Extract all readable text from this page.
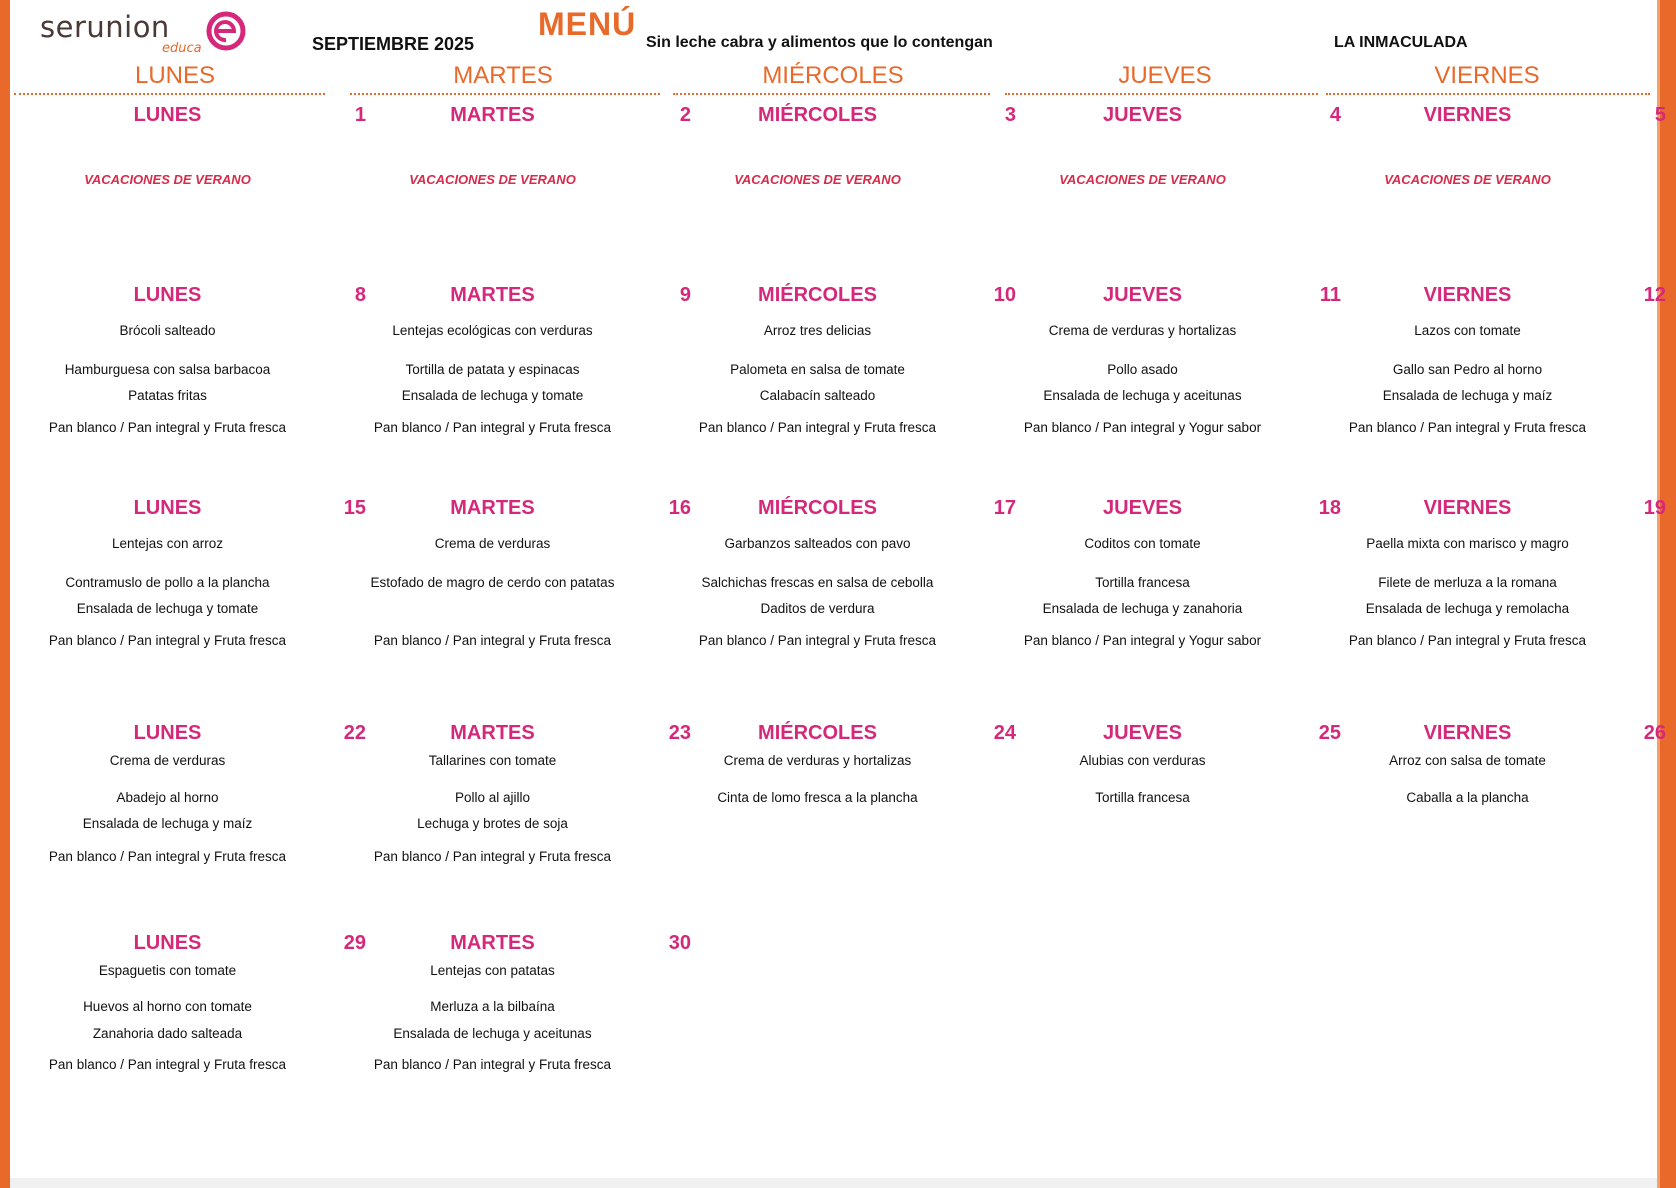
serunion
educa	SEPTIEMBRE 2025
MENÚ
Sin leche cabra y alimentos que lo contengan	LA INMACULADA
LUNES	MARTES	MIÉRCOLES	JUEVES	VIERNES
LUNES	1
VACACIONES DE VERANO
MARTES	2
VACACIONES DE VERANO
MIÉRCOLES	3
VACACIONES DE VERANO
JUEVES	4
VACACIONES DE VERANO
VIERNES	5
VACACIONES DE VERANO
LUNES	8
Brócoli salteado
Hamburguesa con salsa barbacoa
Patatas fritas
Pan blanco / Pan integral y Fruta fresca
MARTES	9
Lentejas ecológicas con verduras
Tortilla de patata y espinacas
Ensalada de lechuga y tomate
Pan blanco / Pan integral y Fruta fresca
MIÉRCOLES	10
Arroz tres delicias
Palometa en salsa de tomate
Calabacín salteado
Pan blanco / Pan integral y Fruta fresca
JUEVES	11
Crema de verduras y hortalizas
Pollo asado
Ensalada de lechuga y aceitunas
Pan blanco / Pan integral y Yogur sabor
VIERNES	12
Lazos con tomate
Gallo san Pedro al horno
Ensalada de lechuga y maíz
Pan blanco / Pan integral y Fruta fresca
LUNES	15
Lentejas con arroz
Contramuslo de pollo a la plancha
Ensalada de lechuga y tomate
Pan blanco / Pan integral y Fruta fresca
MARTES	16
Crema de verduras
Estofado de magro de cerdo con patatas
Pan blanco / Pan integral y Fruta fresca
MIÉRCOLES	17
Garbanzos salteados con pavo
Salchichas frescas en salsa de cebolla
Daditos de verdura
Pan blanco / Pan integral y Fruta fresca
JUEVES	18
Coditos con tomate
Tortilla francesa
Ensalada de lechuga y zanahoria
Pan blanco / Pan integral y Yogur sabor
VIERNES	19
Paella mixta con marisco y magro
Filete de merluza a la romana
Ensalada de lechuga y remolacha
Pan blanco / Pan integral y Fruta fresca
LUNES	22
Crema de verduras
Abadejo al horno
Ensalada de lechuga y maíz
Pan blanco / Pan integral y Fruta fresca
MARTES	23
Tallarines con tomate
Pollo al ajillo
Lechuga y brotes de soja
Pan blanco / Pan integral y Fruta fresca
MIÉRCOLES	24
Crema de verduras y hortalizas
Cinta de lomo fresca a la plancha
JUEVES	25
Alubias con verduras
Tortilla francesa
VIERNES	26
Arroz con salsa de tomate
Caballa a la plancha
LUNES	29
Espaguetis con tomate
Huevos al horno con tomate
Zanahoria dado salteada
Pan blanco / Pan integral y Fruta fresca
MARTES	30
Lentejas con patatas
Merluza a la bilbaína
Ensalada de lechuga y aceitunas
Pan blanco / Pan integral y Fruta fresca
